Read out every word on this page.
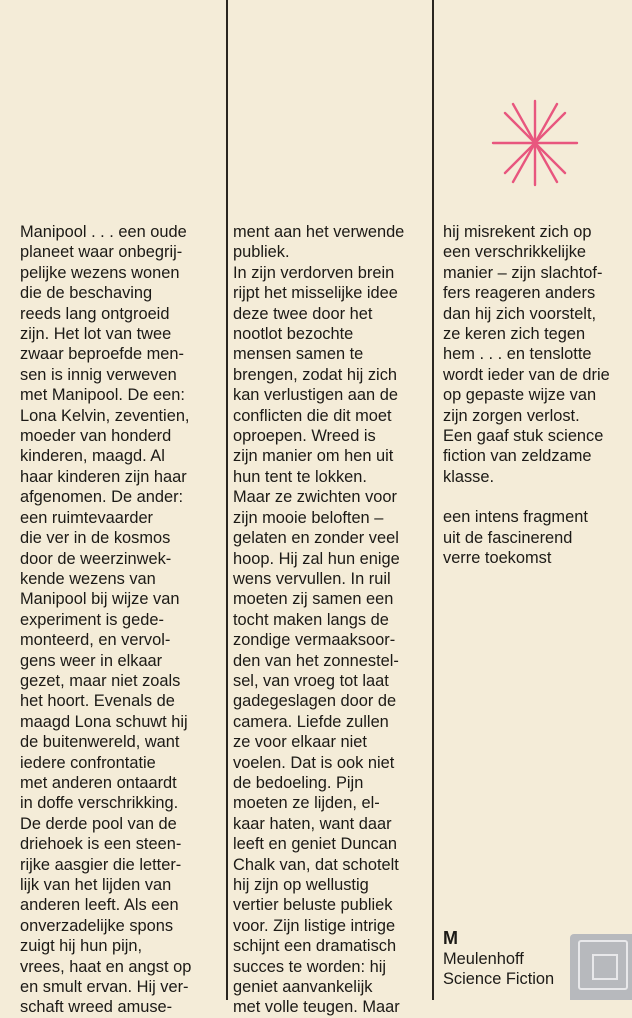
Manipool . . . een oude
planeet waar onbegrij-
pelijke wezens wonen
die de beschaving
reeds lang ontgroeid
zijn. Het lot van twee
zwaar beproefde men-
sen is innig verweven
met Manipool. De een:
Lona Kelvin, zeventien,
moeder van honderd
kinderen, maagd. Al
haar kinderen zijn haar
afgenomen. De ander:
een ruimtevaarder
die ver in de kosmos
door de weerzinwek-
kende wezens van
Manipool bij wijze van
experiment is gede-
monteerd, en vervol-
gens weer in elkaar
gezet, maar niet zoals
het hoort. Evenals de
maagd Lona schuwt hij
de buitenwereld, want
iedere confrontatie
met anderen ontaardt
in doffe verschrikking.
De derde pool van de
driehoek is een steen-
rijke aasgier die letter-
lijk van het lijden van
anderen leeft. Als een
onverzadelijke spons
zuigt hij hun pijn,
vrees, haat en angst op
en smult ervan. Hij ver-
schaft wreed amuse-
ment aan het verwende
publiek.
In zijn verdorven brein
rijpt het misselijke idee
deze twee door het
nootlot bezochte
mensen samen te
brengen, zodat hij zich
kan verlustigen aan de
conflicten die dit moet
oproepen. Wreed is
zijn manier om hen uit
hun tent te lokken.
Maar ze zwichten voor
zijn mooie beloften –
gelaten en zonder veel
hoop. Hij zal hun enige
wens vervullen. In ruil
moeten zij samen een
tocht maken langs de
zondige vermaaksoor-
den van het zonnestel-
sel, van vroeg tot laat
gadegeslagen door de
camera. Liefde zullen
ze voor elkaar niet
voelen. Dat is ook niet
de bedoeling. Pijn
moeten ze lijden, el-
kaar haten, want daar
leeft en geniet Duncan
Chalk van, dat schotelt
hij zijn op wellustig
vertier beluste publiek
voor. Zijn listige intrige
schijnt een dramatisch
succes te worden: hij
geniet aanvankelijk
met volle teugen. Maar
hij misrekent zich op
een verschrikkelijke
manier – zijn slachtof-
fers reageren anders
dan hij zich voorstelt,
ze keren zich tegen
hem . . . en tenslotte
wordt ieder van de drie
op gepaste wijze van
zijn zorgen verlost.
Een gaaf stuk science
fiction van zeldzame
klasse.
een intens fragment
uit de fascinerend
verre toekomst
M
Meulenhoff
Science Fiction
